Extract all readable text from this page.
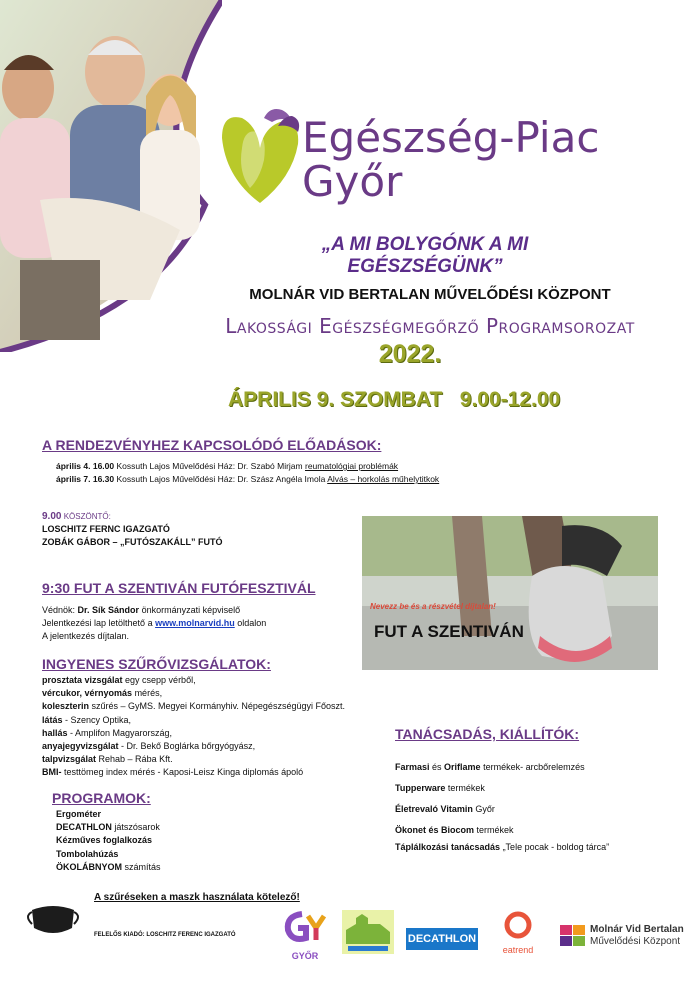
Egészség-Piac
Győr
„A MI BOLYGÓNK A MI EGÉSZSÉGÜNK”
MOLNÁR VID BERTALAN MŰVELŐDÉSI KÖZPONT
Lakossági Egészségmegőrző Programsorozat
2022.
ÁPRILIS 9. SZOMBAT   9.00-12.00
A RENDEZVÉNYHEZ KAPCSOLÓDÓ ELŐADÁSOK:
április 4. 16.00 Kossuth Lajos Művelődési Ház: Dr. Szabó Mirjam reumatológiai problémák
április 7. 16.30 Kossuth Lajos Művelődési Ház: Dr. Szász Angéla Imola Alvás – horkolás műhelytitkok
9.00 KÖSZÖNTŐ:
LOSCHITZ FERNC IGAZGATÓ
ZOBÁK GÁBOR – „FUTÓSZAKÁLL” FUTÓ
9:30 FUT A SZENTIVÁN FUTÓFESZTIVÁL
Védnök: Dr. Sík Sándor önkormányzati képviselő
Jelentkezési lap letölthető a www.molnarvid.hu oldalon
A jelentkezés díjtalan.
Nevezz be és a részvétel díjtalan!
FUT A SZENTIVÁN
INGYENES SZŰRŐVIZSGÁLATOK:
prosztata vizsgálat egy csepp vérből,
vércukor, vérnyomás mérés,
koleszterin szűrés – GyMS. Megyei Kormányhiv. Népegészségügyi Főoszt.
látás - Szency Optika,
hallás - Amplifon Magyarország,
anyajegyvizsgálat - Dr. Bekő Boglárka bőrgyógyász,
talpvizsgálat Rehab – Rába Kft.
BMI- testtömeg index mérés - Kaposi-Leisz Kinga diplomás ápoló
TANÁCSADÁS, KIÁLLÍTÓK:
Farmasi és Oriflame termékek- arcbőrelemzés
Tupperware termékek
Életrevaló Vitamin Győr
Ökonet és Biocom termékek
Táplálkozási tanácsadás „Tele pocak - boldog tárca”
PROGRAMOK:
Ergométer
DECATHLON játszósarok
Kézműves foglalkozás
Tombolahúzás
ÖKOLÁBNYOM számítás
A szűréseken a maszk használata kötelező!
FELELŐS KIADÓ: LOSCHITZ FERENC IGAZGATÓ
GYŐR
DECATHLON
eatrend
Molnár Vid Bertalan
Művelődési Központ
